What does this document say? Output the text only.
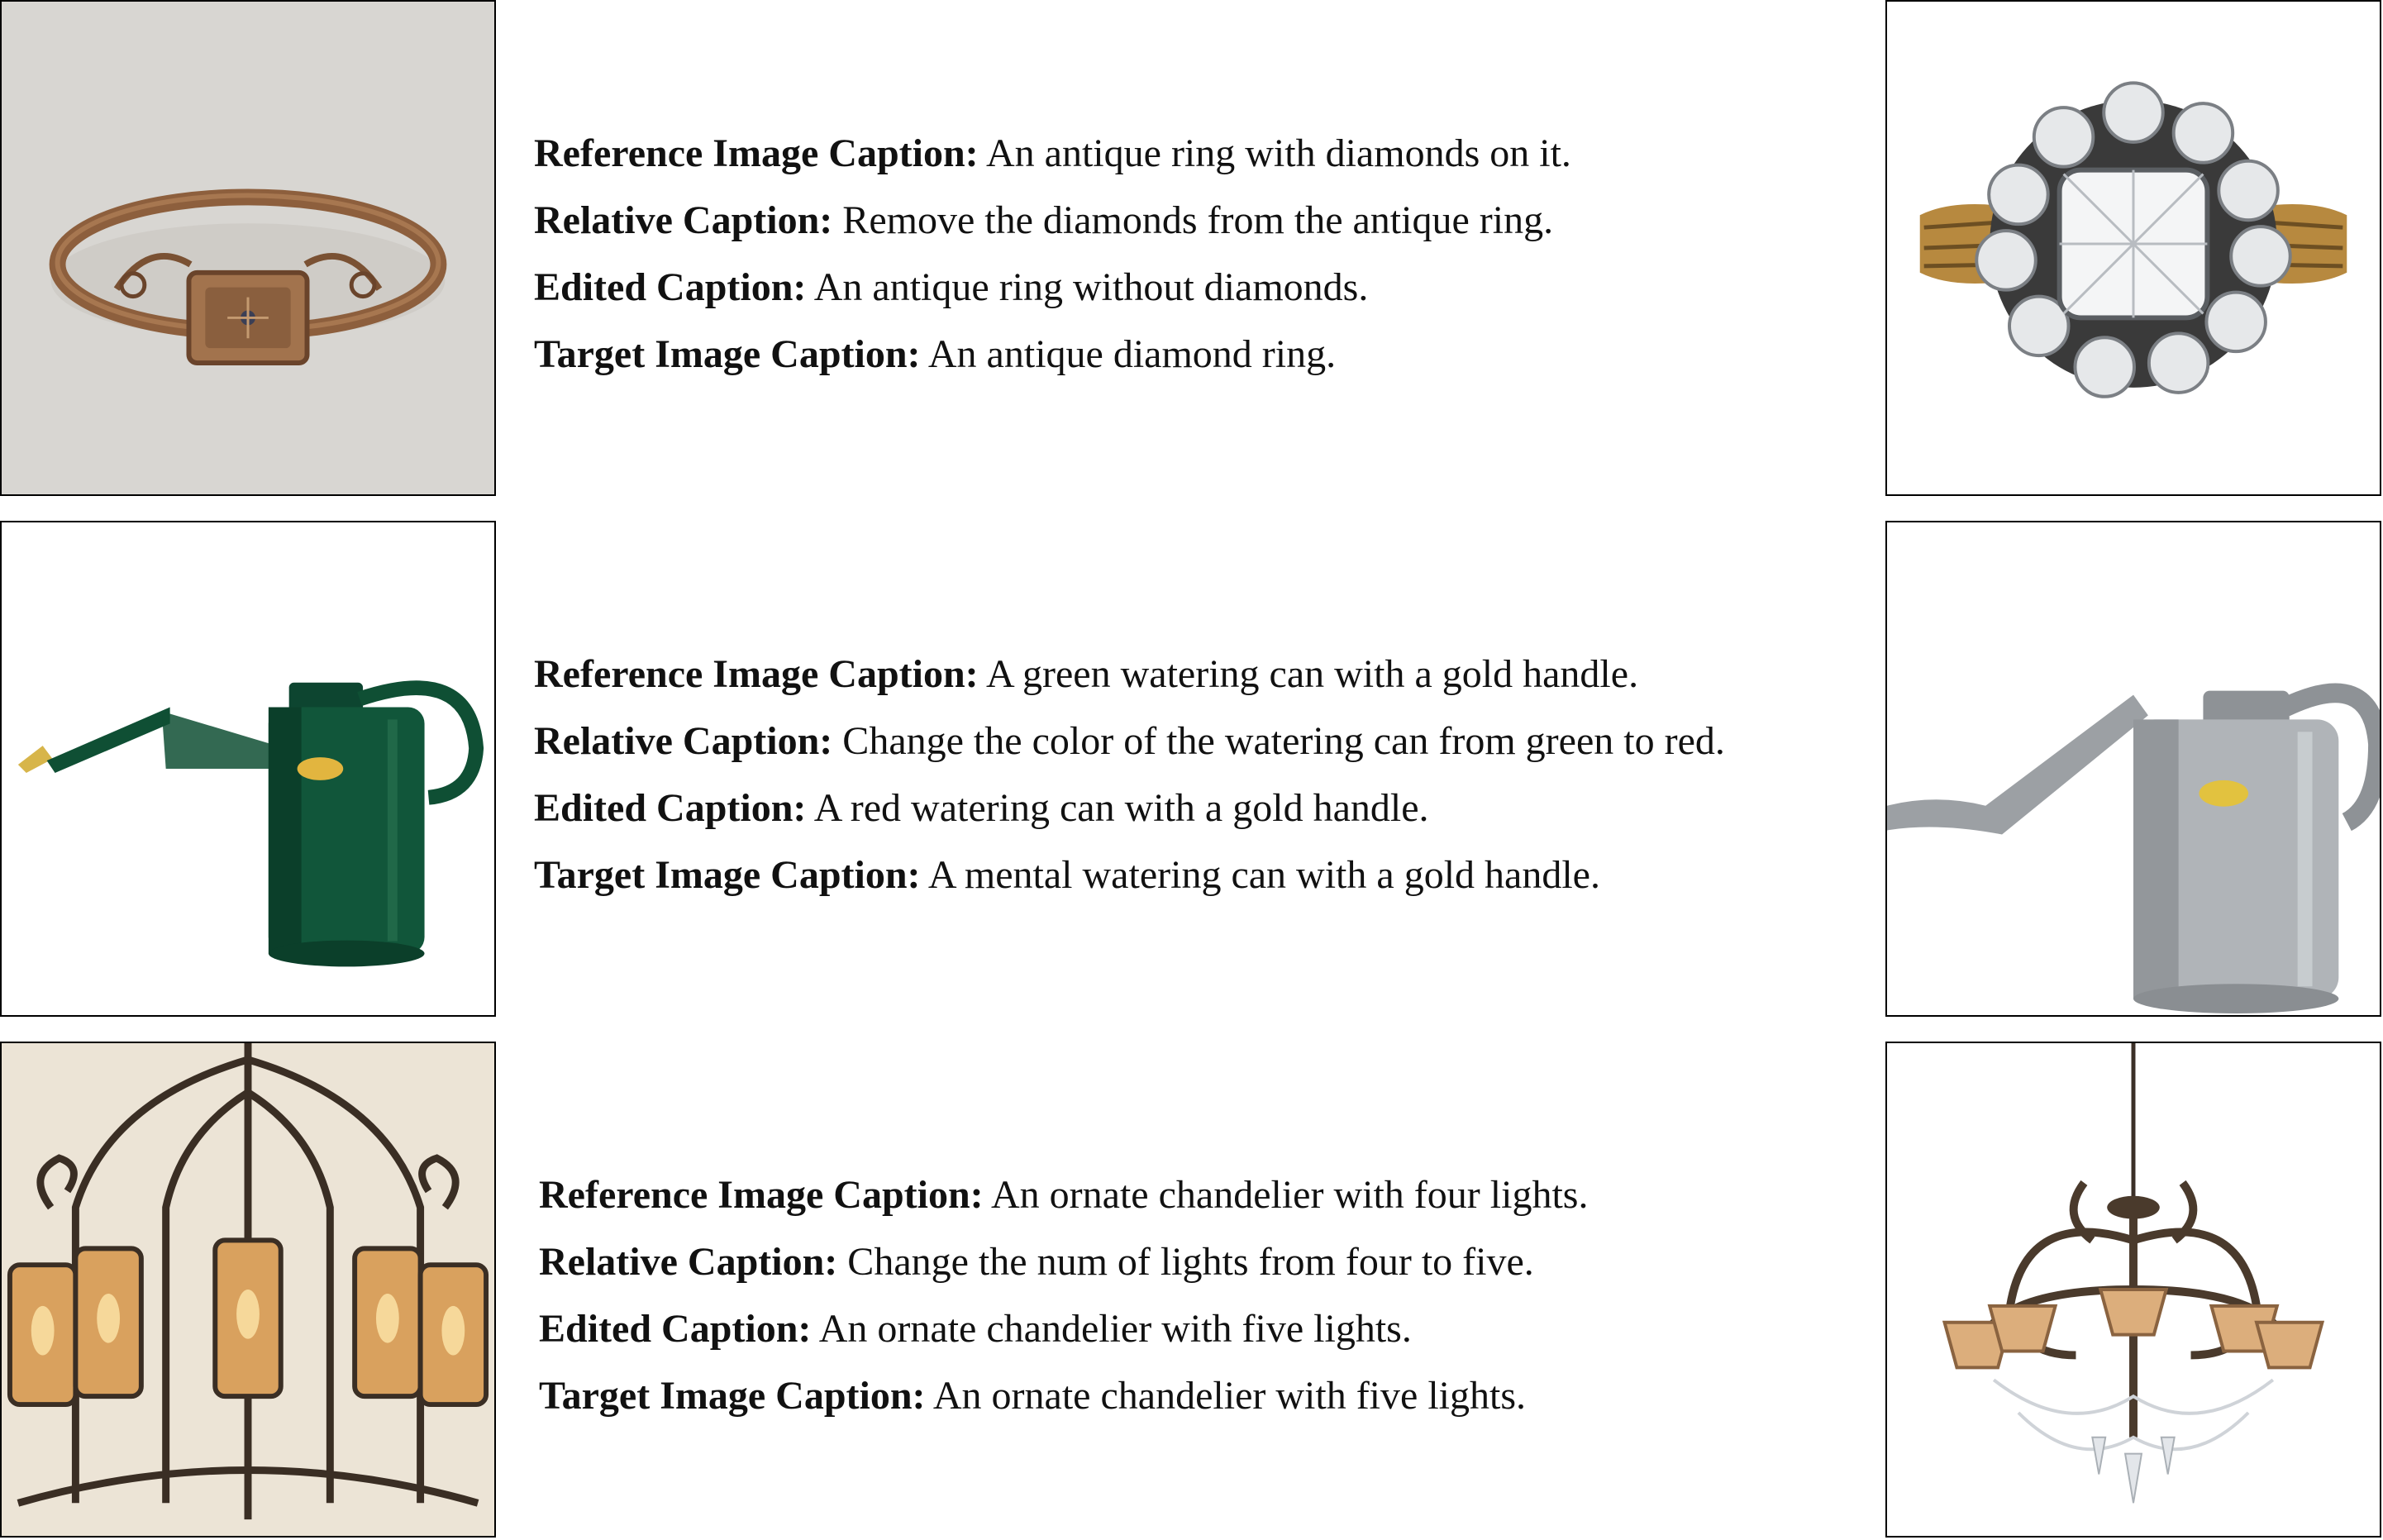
Reference Image Caption: An antique ring with diamonds on it.
Relative Caption: Remove the diamonds from the antique ring.
Edited Caption: An antique ring without diamonds.
Target Image Caption: An antique diamond ring.
Reference Image Caption: A green watering can with a gold handle.
Relative Caption: Change the color of the watering can from green to red.
Edited Caption: A red watering can with a gold handle.
Target Image Caption: A mental watering can with a gold handle.
Reference Image Caption: An ornate chandelier with four lights.
Relative Caption: Change the num of lights from four to five.
Edited Caption: An ornate chandelier with five lights.
Target Image Caption: An ornate chandelier with five lights.
